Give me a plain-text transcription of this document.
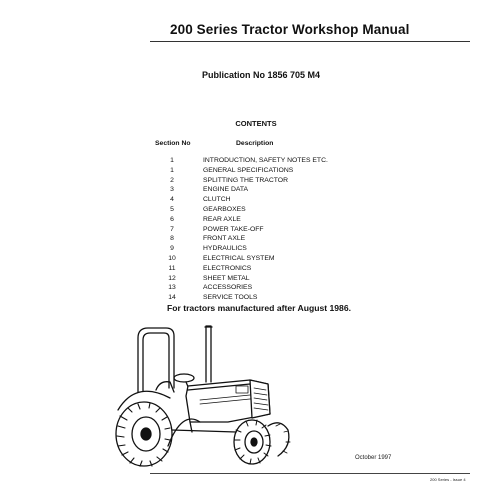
200 Series Tractor Workshop Manual
Publication No 1856 705 M4
CONTENTS
Section No	Description
1	INTRODUCTION, SAFETY NOTES ETC.
1	GENERAL SPECIFICATIONS
2	SPLITTING THE TRACTOR
3	ENGINE DATA
4	CLUTCH
5	GEARBOXES
6	REAR AXLE
7	POWER TAKE-OFF
8	FRONT AXLE
9	HYDRAULICS
10	ELECTRICAL SYSTEM
11	ELECTRONICS
12	SHEET METAL
13	ACCESSORIES
14	SERVICE TOOLS
For tractors manufactured after August 1986.
October 1997
200 Series - Issue 4
